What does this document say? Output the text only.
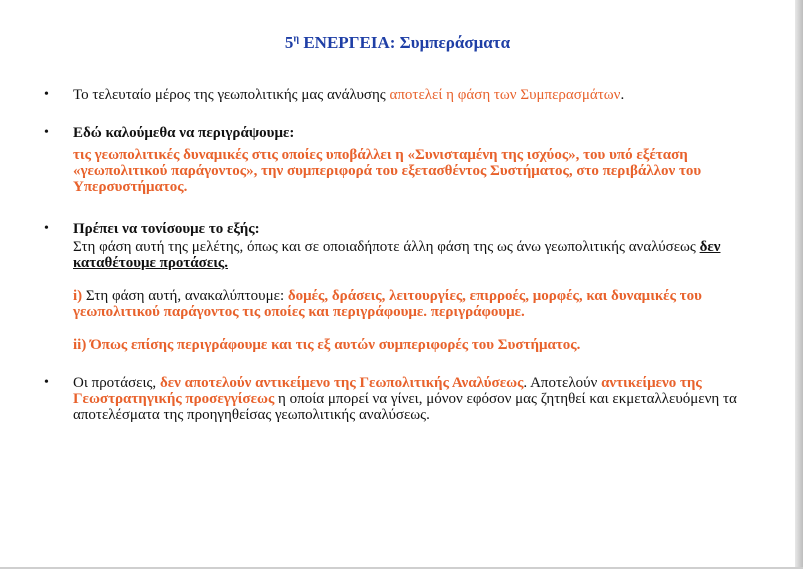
$5^\eta$ ΕΝΕΡΓΕΙΑ: Συμπεράσματα
• Το τελευταίο μέρος της γεωπολιτικής μας ανάλυσης αποτελεί η φάση των Συμπερασμάτων.

• Εδώ καλούμεθα να περιγράψουμε:

τις γεωπολιτικές δυναμικές στις οποίες υποβάλλει η «Συνισταμένη της ισχύος», του υπό εξέταση «γεωπολιτικού παράγοντος», την συμπεριφορά του εξετασθέντος Συστήματος, στο περιβάλλον του Υπερσυστήματος.

• Πρέπει να τονίσουμε το εξής:

Στη φάση αυτή της μελέτης, όπως και σε οποιαδήποτε άλλη φάση της ως άνω γεωπολιτικής αναλύσεως δεν καταθέτουμε προτάσεις.

i) Στη φάση αυτή, ανακαλύπτουμε: δομές, δράσεις, λειτουργίες, επιρροές, μορφές, και δυναμικές του γεωπολιτικού παράγοντος τις οποίες και περιγράφουμε. περιγράφουμε.

ii) Όπως επίσης περιγράφουμε και τις εξ αυτών συμπεριφορές του Συστήματος.

• Οι προτάσεις, δεν αποτελούν αντικείμενο της Γεωπολιτικής Αναλύσεως. Αποτελούν αντικείμενο της Γεωστρατηγικής προσεγγίσεως η οποία μπορεί να γίνει, μόνον εφόσον μας ζητηθεί και εκμεταλλευόμενη τα αποτελέσματα της προηγηθείσας γεωπολιτικής αναλύσεως.
